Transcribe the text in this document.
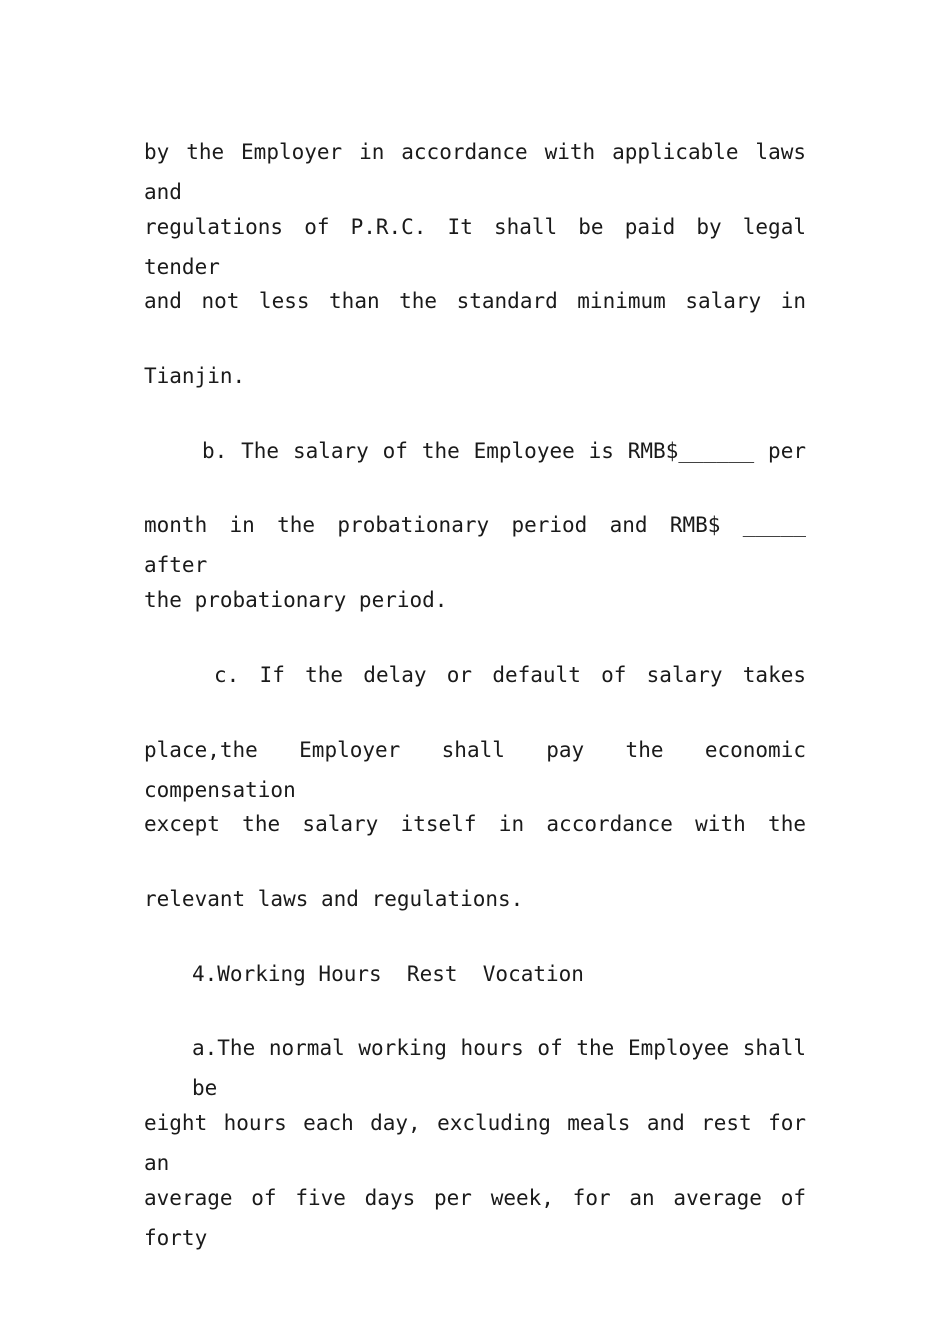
by the Employer in accordance with applicable laws and
regulations of P.R.C. It shall be paid by legal tender
and not less than the standard minimum salary in
Tianjin.
b. The salary of the Employee is RMB$______ per
month in the probationary period and RMB$ _____ after
the probationary period.
c. If the delay or default of salary takes
place,the Employer shall pay the economic compensation
except the salary itself in accordance with the
relevant laws and regulations.
4.Working Hours  Rest  Vocation
a.The normal working hours of the Employee shall be
eight hours each day, excluding meals and rest for an
average of five days per week, for an average of forty
